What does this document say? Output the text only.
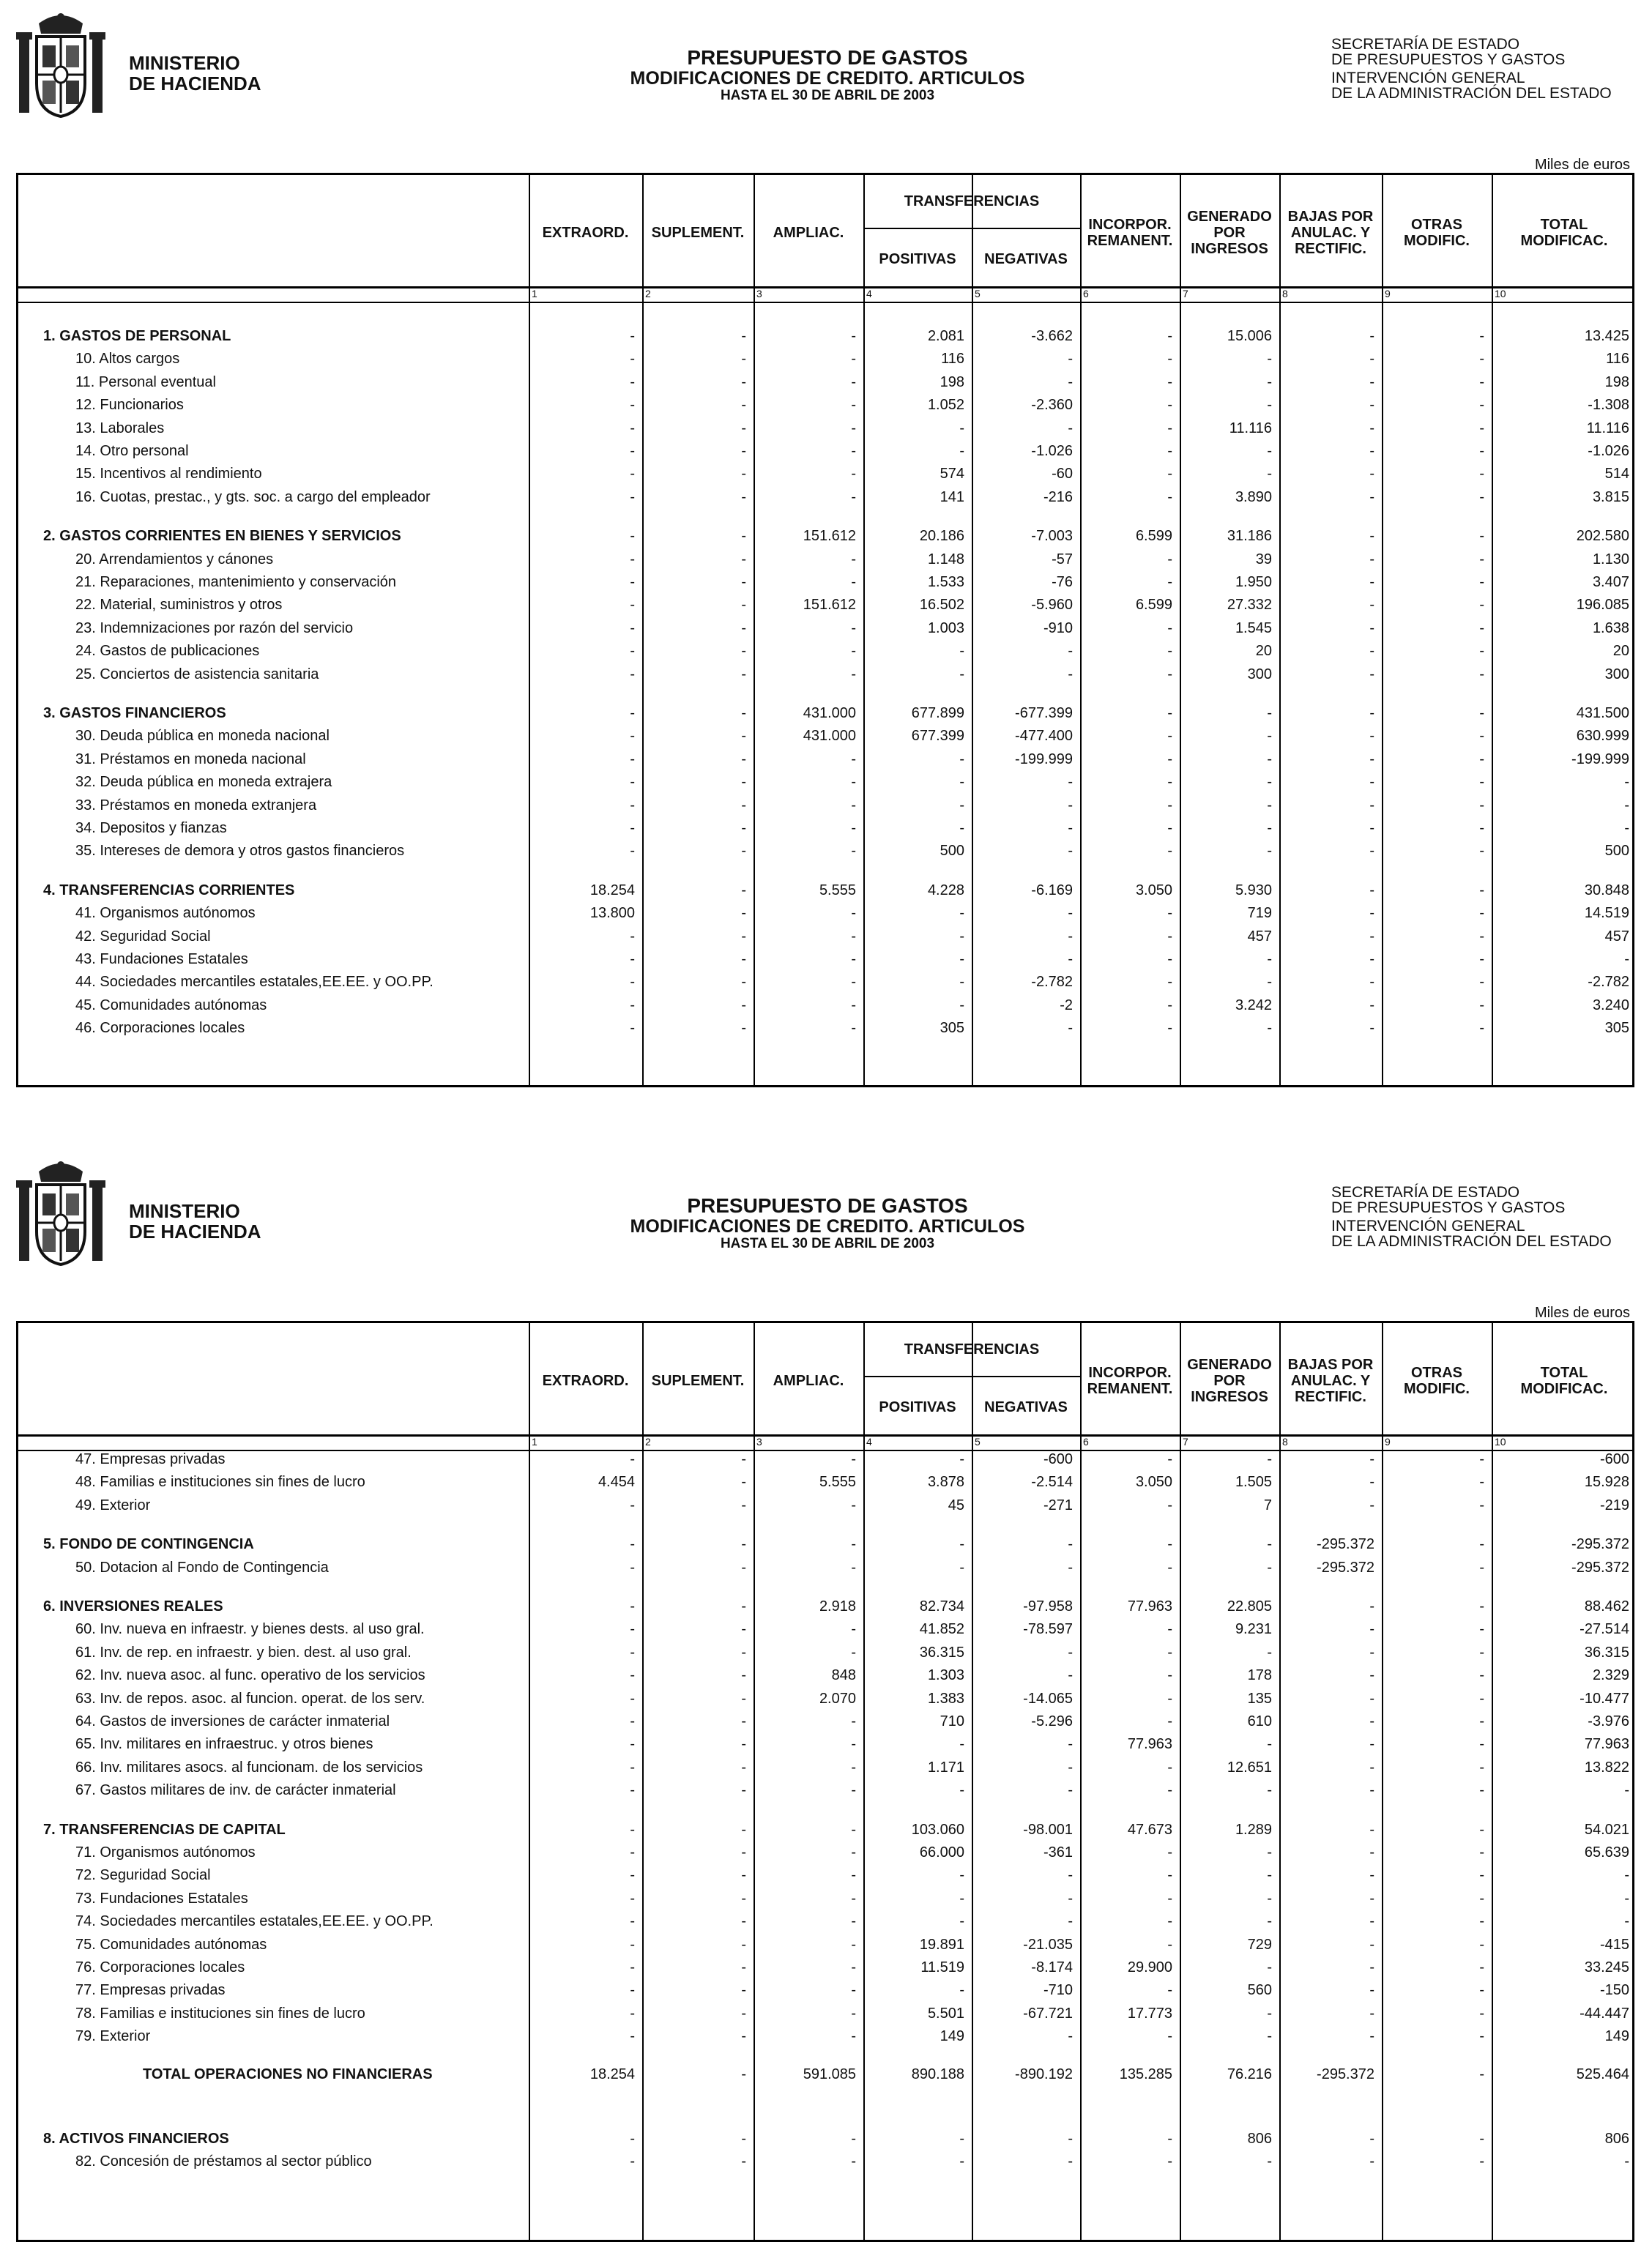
MINISTERIO
DE HACIENDA
PRESUPUESTO DE GASTOS
MODIFICACIONES DE CREDITO. ARTICULOS
HASTA EL 30 DE ABRIL DE 2003
SECRETARÍA DE ESTADO
DE PRESUPUESTOS Y GASTOS
INTERVENCIÓN GENERAL
DE LA ADMINISTRACIÓN DEL ESTADO
Miles de euros
EXTRAORD.	SUPLEMENT.	AMPLIAC.
TRANSFERENCIAS
POSITIVAS	NEGATIVAS
INCORPOR.
REMANENT.
GENERADO
POR
INGRESOS
BAJAS POR
ANULAC. Y
RECTIFIC.
OTRAS
MODIFIC.
TOTAL
MODIFICAC.
1	2	3	4	5	6	7	8	9	10
1. GASTOS DE PERSONAL	-	-	-	2.081	-3.662	-	15.006	-	-	13.425
10. Altos cargos	-	-	-	116	-	-	-	-	-	116
11. Personal eventual	-	-	-	198	-	-	-	-	-	198
12. Funcionarios	-	-	-	1.052	-2.360	-	-	-	-	-1.308
13. Laborales	-	-	-	-	-	-	11.116	-	-	11.116
14. Otro personal	-	-	-	-	-1.026	-	-	-	-	-1.026
15. Incentivos al rendimiento	-	-	-	574	-60	-	-	-	-	514
16. Cuotas, prestac., y gts. soc. a cargo del empleador	-	-	-	141	-216	-	3.890	-	-	3.815
2. GASTOS CORRIENTES EN BIENES Y SERVICIOS	-	-	151.612	20.186	-7.003	6.599	31.186	-	-	202.580
20. Arrendamientos y cánones	-	-	-	1.148	-57	-	39	-	-	1.130
21. Reparaciones, mantenimiento y conservación	-	-	-	1.533	-76	-	1.950	-	-	3.407
22. Material, suministros y otros	-	-	151.612	16.502	-5.960	6.599	27.332	-	-	196.085
23. Indemnizaciones por razón del servicio	-	-	-	1.003	-910	-	1.545	-	-	1.638
24. Gastos de publicaciones	-	-	-	-	-	-	20	-	-	20
25. Conciertos de asistencia sanitaria	-	-	-	-	-	-	300	-	-	300
3. GASTOS FINANCIEROS	-	-	431.000	677.899	-677.399	-	-	-	-	431.500
30. Deuda pública en moneda nacional	-	-	431.000	677.399	-477.400	-	-	-	-	630.999
31. Préstamos en moneda nacional	-	-	-	-	-199.999	-	-	-	-	-199.999
32. Deuda pública en moneda extrajera	-	-	-	-	-	-	-	-	-	-
33. Préstamos en moneda extranjera	-	-	-	-	-	-	-	-	-	-
34. Depositos y fianzas	-	-	-	-	-	-	-	-	-	-
35. Intereses de demora y otros gastos financieros	-	-	-	500	-	-	-	-	-	500
4. TRANSFERENCIAS CORRIENTES	18.254	-	5.555	4.228	-6.169	3.050	5.930	-	-	30.848
41. Organismos autónomos	13.800	-	-	-	-	-	719	-	-	14.519
42. Seguridad Social	-	-	-	-	-	-	457	-	-	457
43. Fundaciones Estatales	-	-	-	-	-	-	-	-	-	-
44. Sociedades mercantiles estatales,EE.EE. y OO.PP.	-	-	-	-	-2.782	-	-	-	-	-2.782
45. Comunidades autónomas	-	-	-	-	-2	-	3.242	-	-	3.240
46. Corporaciones locales	-	-	-	305	-	-	-	-	-	305
MINISTERIO
DE HACIENDA
PRESUPUESTO DE GASTOS
MODIFICACIONES DE CREDITO. ARTICULOS
HASTA EL 30 DE ABRIL DE 2003
SECRETARÍA DE ESTADO
DE PRESUPUESTOS Y GASTOS
INTERVENCIÓN GENERAL
DE LA ADMINISTRACIÓN DEL ESTADO
Miles de euros
EXTRAORD.	SUPLEMENT.	AMPLIAC.
TRANSFERENCIAS
POSITIVAS	NEGATIVAS
INCORPOR.
REMANENT.
GENERADO
POR
INGRESOS
BAJAS POR
ANULAC. Y
RECTIFIC.
OTRAS
MODIFIC.
TOTAL
MODIFICAC.
1	2	3	4	5	6	7	8	9	10
47. Empresas privadas	-	-	-	-	-600	-	-	-	-	-600
48. Familias e instituciones sin fines de lucro	4.454	-	5.555	3.878	-2.514	3.050	1.505	-	-	15.928
49. Exterior	-	-	-	45	-271	-	7	-	-	-219
5. FONDO DE CONTINGENCIA	-	-	-	-	-	-	-	-295.372	-	-295.372
50. Dotacion al Fondo de Contingencia	-	-	-	-	-	-	-	-295.372	-	-295.372
6. INVERSIONES REALES	-	-	2.918	82.734	-97.958	77.963	22.805	-	-	88.462
60. Inv. nueva en infraestr. y bienes dests. al uso gral.	-	-	-	41.852	-78.597	-	9.231	-	-	-27.514
61. Inv. de rep. en infraestr. y bien. dest. al uso gral.	-	-	-	36.315	-	-	-	-	-	36.315
62. Inv. nueva asoc. al func. operativo de los servicios	-	-	848	1.303	-	-	178	-	-	2.329
63. Inv. de repos. asoc. al funcion. operat. de los serv.	-	-	2.070	1.383	-14.065	-	135	-	-	-10.477
64. Gastos de inversiones de carácter inmaterial	-	-	-	710	-5.296	-	610	-	-	-3.976
65. Inv. militares en infraestruc. y otros bienes	-	-	-	-	-	77.963	-	-	-	77.963
66. Inv. militares asocs. al funcionam. de los servicios	-	-	-	1.171	-	-	12.651	-	-	13.822
67. Gastos militares de inv. de carácter inmaterial	-	-	-	-	-	-	-	-	-	-
7. TRANSFERENCIAS DE CAPITAL	-	-	-	103.060	-98.001	47.673	1.289	-	-	54.021
71. Organismos autónomos	-	-	-	66.000	-361	-	-	-	-	65.639
72. Seguridad Social	-	-	-	-	-	-	-	-	-	-
73. Fundaciones Estatales	-	-	-	-	-	-	-	-	-	-
74. Sociedades mercantiles estatales,EE.EE. y OO.PP.	-	-	-	-	-	-	-	-	-	-
75. Comunidades autónomas	-	-	-	19.891	-21.035	-	729	-	-	-415
76. Corporaciones locales	-	-	-	11.519	-8.174	29.900	-	-	-	33.245
77. Empresas privadas	-	-	-	-	-710	-	560	-	-	-150
78. Familias e instituciones sin fines de lucro	-	-	-	5.501	-67.721	17.773	-	-	-	-44.447
79. Exterior	-	-	-	149	-	-	-	-	-	149
TOTAL OPERACIONES NO FINANCIERAS	18.254	-	591.085	890.188	-890.192	135.285	76.216	-295.372	-	525.464
8. ACTIVOS FINANCIEROS	-	-	-	-	-	-	806	-	-	806
82. Concesión de préstamos al sector público	-	-	-	-	-	-	-	-	-	-
